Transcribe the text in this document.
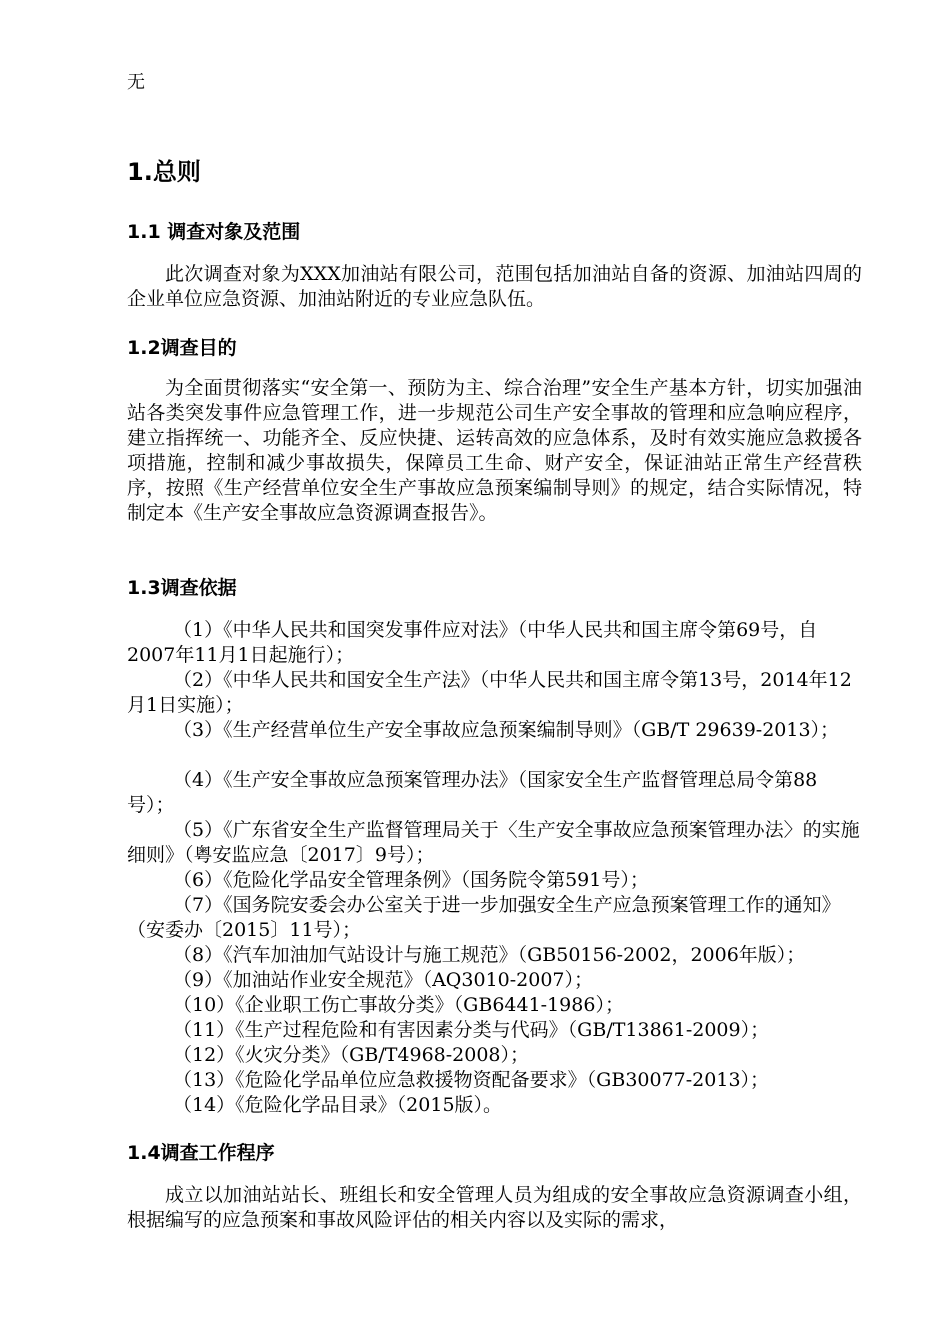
无
1.总则
1.1 调查对象及范围
此次调查对象为XXX加油站有限公司，范围包括加油站自备的资源、加油站四周的企业单位应急资源、加油站附近的专业应急队伍。
1.2调查目的
为全面贯彻落实“安全第一、预防为主、综合治理”安全生产基本方针，切实加强油站各类突发事件应急管理工作，进一步规范公司生产安全事故的管理和应急响应程序，建立指挥统一、功能齐全、反应快捷、运转高效的应急体系，及时有效实施应急救援各项措施，控制和减少事故损失，保障员工生命、财产安全，保证油站正常生产经营秩序，按照《生产经营单位安全生产事故应急预案编制导则》的规定，结合实际情况，特制定本《生产安全事故应急资源调查报告》。
1.3调查依据
（1）《中华人民共和国突发事件应对法》（中华人民共和国主席令第69号，自2007年11月1日起施行）；
（2）《中华人民共和国安全生产法》（中华人民共和国主席令第13号，2014年12月1日实施）；
（3）《生产经营单位生产安全事故应急预案编制导则》（GB/T 29639-2013）；
（4）《生产安全事故应急预案管理办法》（国家安全生产监督管理总局令第88号）；
（5）《广东省安全生产监督管理局关于〈生产安全事故应急预案管理办法〉的实施细则》（粤安监应急〔2017〕9号）；
（6）《危险化学品安全管理条例》（国务院令第591号）；
（7）《国务院安委会办公室关于进一步加强安全生产应急预案管理工作的通知》（安委办〔2015〕11号）；
（8）《汽车加油加气站设计与施工规范》（GB50156-2002，2006年版）；
（9）《加油站作业安全规范》（AQ3010-2007）；
（10）《企业职工伤亡事故分类》（GB6441-1986）；
（11）《生产过程危险和有害因素分类与代码》（GB/T13861-2009）；
（12）《火灾分类》（GB/T4968-2008）；
（13）《危险化学品单位应急救援物资配备要求》（GB30077-2013）；
（14）《危险化学品目录》（2015版）。
1.4调查工作程序
成立以加油站站长、班组长和安全管理人员为组成的安全事故应急资源调查小组，根据编写的应急预案和事故风险评估的相关内容以及实际的需求，
